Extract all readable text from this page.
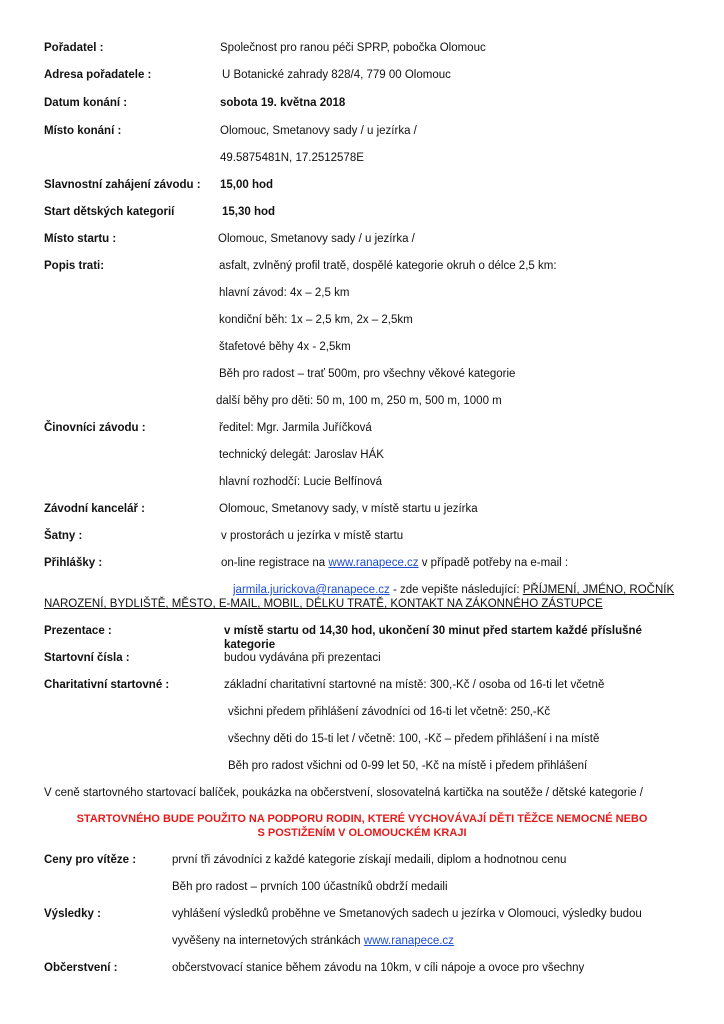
Pořadatel :	Společnost pro ranou péči SPRP, pobočka Olomouc
Adresa pořadatele :	U Botanické zahrady 828/4, 779 00 Olomouc
Datum konání :	sobota 19. května 2018
Místo konání :	Olomouc, Smetanovy sady / u jezírka /
49.5875481N, 17.2512578E
Slavnostní zahájení závodu : 15,00 hod
Start dětských kategorií	15,30 hod
Místo startu :	Olomouc, Smetanovy sady / u jezírka /
Popis trati:	asfalt, zvlněný profil tratě, dospělé kategorie okruh o délce 2,5 km:
hlavní závod: 4x – 2,5 km
kondiční běh: 1x – 2,5 km, 2x – 2,5km
štafetové běhy 4x - 2,5km
Běh pro radost – trať 500m, pro všechny věkové kategorie
další běhy pro děti: 50 m, 100 m, 250 m, 500 m, 1000 m
Činovníci závodu :	ředitel: Mgr. Jarmila Juříčková
technický delegát: Jaroslav HÁK
hlavní rozhodčí: Lucie Belfínová
Závodní kancelář :	Olomouc, Smetanovy sady, v místě startu u jezírka
Šatny :	v prostorách u jezírka v místě startu
Přihlášky :	on-line registrace na www.ranapece.cz v případě potřeby na e-mail :
jarmila.jurickova@ranapece.cz - zde vepište následující: PŘÍJMENÍ, JMÉNO, ROČNÍK
NAROZENÍ, BYDLIŠTĚ, MĚSTO, E-MAIL, MOBIL, DÉLKU TRATĚ, KONTAKT NA ZÁKONNÉHO ZÁSTUPCE
Prezentace :	v místě startu od 14,30 hod, ukončení 30 minut před startem každé příslušné
kategorie
Startovní čísla :	budou vydávána při prezentaci
Charitativní startovné :	základní charitativní startovné na místě: 300,-Kč / osoba od 16-ti let včetně
všichni předem přihlášení závodníci od 16-ti let včetně: 250,-Kč
všechny děti do 15-ti let / včetně: 100, -Kč – předem přihlášení i na místě
Běh pro radost všichni od 0-99 let 50, -Kč na místě i předem přihlášení
V ceně startovného startovací balíček, poukázka na občerstvení, slosovatelná kartička na soutěže / dětské kategorie /
STARTOVNÉHO BUDE POUŽITO NA PODPORU RODIN, KTERÉ VYCHOVÁVAJÍ DĚTI TĚŽCE NEMOCNÉ NEBO
S POSTIŽENÍM V OLOMOUCKÉM KRAJI
Ceny pro vítěze :	první tři závodníci z každé kategorie získají medaili, diplom a hodnotnou cenu
Běh pro radost – prvních 100 účastníků obdrží medaili
Výsledky :	vyhlášení výsledků proběhne ve Smetanových sadech u jezírka v Olomouci, výsledky budou
vyvěšeny na internetových stránkách www.ranapece.cz
Občerstvení :	občerstvovací stanice během závodu na 10km, v cíli nápoje a ovoce pro všechny
